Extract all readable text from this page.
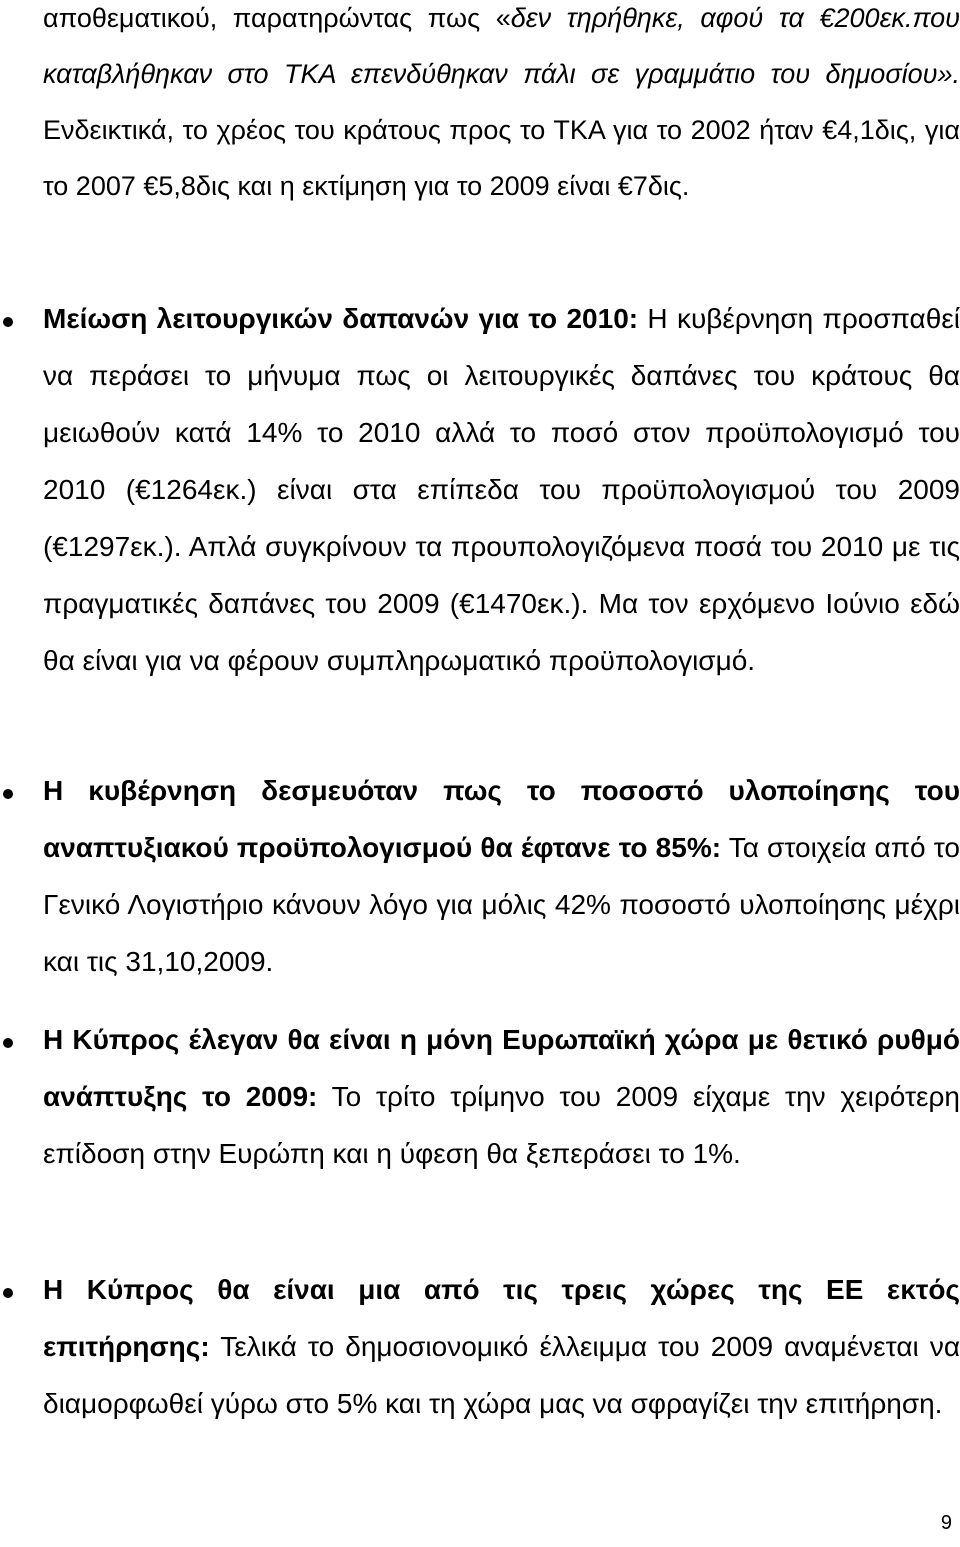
αποθεματικού, παρατηρώντας πως «δεν τηρήθηκε, αφού τα €200εκ.που καταβλήθηκαν στο ΤΚΑ επενδύθηκαν πάλι σε γραμμάτιο του δημοσίου». Ενδεικτικά, το χρέος του κράτους προς το ΤΚΑ για το 2002 ήταν €4,1δις, για το 2007 €5,8δις και η εκτίμηση για το 2009 είναι €7δις.

Μείωση λειτουργικών δαπανών για το 2010: Η κυβέρνηση προσπαθεί να περάσει το μήνυμα πως οι λειτουργικές δαπάνες του κράτους θα μειωθούν κατά 14% το 2010 αλλά το ποσό στον προϋπολογισμό του 2010 (€1264εκ.) είναι στα επίπεδα του προϋπολογισμού του 2009 (€1297εκ.). Απλά συγκρίνουν τα προυπολογιζόμενα ποσά του 2010 με τις πραγματικές δαπάνες του 2009 (€1470εκ.). Μα τον ερχόμενο Ιούνιο εδώ θα είναι για να φέρουν συμπληρωματικό προϋπολογισμό.

Η κυβέρνηση δεσμευόταν πως το ποσοστό υλοποίησης του αναπτυξιακού προϋπολογισμού θα έφτανε το 85%: Τα στοιχεία από το Γενικό Λογιστήριο κάνουν λόγο για μόλις 42% ποσοστό υλοποίησης μέχρι και τις 31,10,2009.

Η Κύπρος έλεγαν θα είναι η μόνη Ευρωπαϊκή χώρα με θετικό ρυθμό ανάπτυξης το 2009: Το τρίτο τρίμηνο του 2009 είχαμε την χειρότερη επίδοση στην Ευρώπη και η ύφεση θα ξεπεράσει το 1%.

Η Κύπρος θα είναι μια από τις τρεις χώρες της ΕΕ εκτός επιτήρησης: Τελικά το δημοσιονομικό έλλειμμα του 2009 αναμένεται να διαμορφωθεί γύρω στο 5% και τη χώρα μας να σφραγίζει την επιτήρηση.

9
